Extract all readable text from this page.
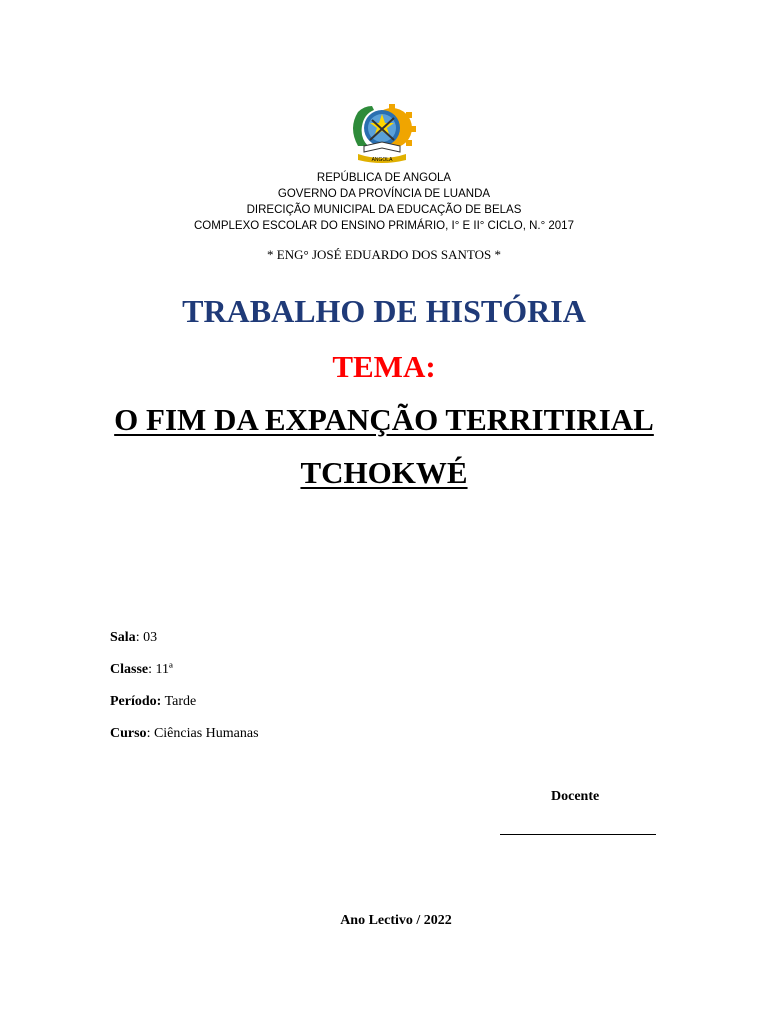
ANGOLA
REPÚBLICA DE ANGOLA
GOVERNO DA PROVÍNCIA DE LUANDA
DIRECIÇÃO MUNICIPAL DA EDUCAÇÃO DE BELAS
COMPLEXO ESCOLAR DO ENSINO PRIMÁRIO, I° E II° CICLO, N.° 2017
* ENG° JOSÉ EDUARDO DOS SANTOS *
TRABALHO DE HISTÓRIA
TEMA:
O FIM DA EXPANÇÃO TERRITIRIAL
TCHOKWÉ
Sala: 03
Classe: 11ª
Período: Tarde
Curso: Ciências Humanas
Docente
Ano Lectivo / 2022
